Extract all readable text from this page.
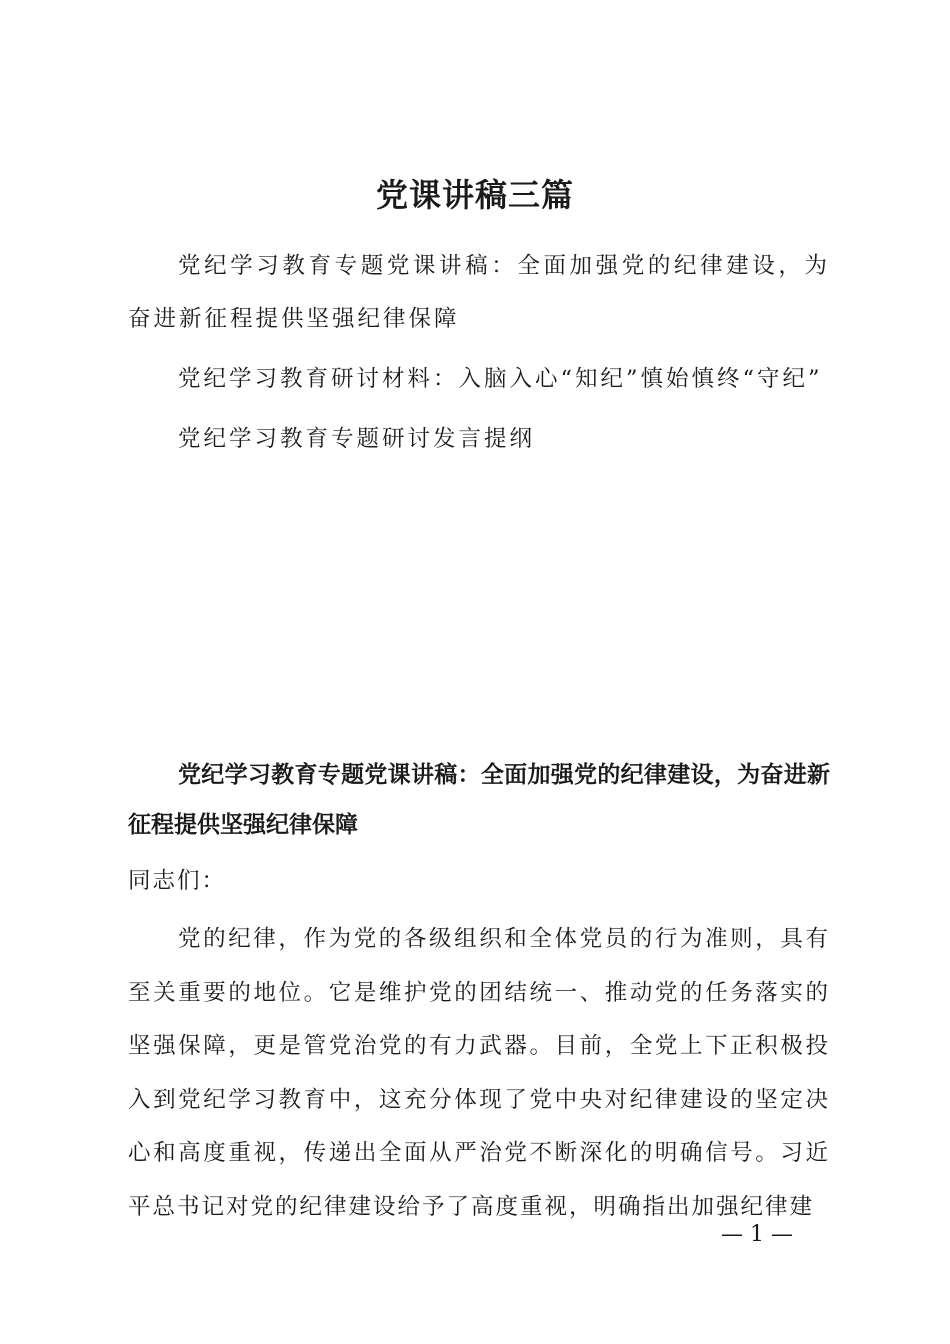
党课讲稿三篇

党纪学习教育专题党课讲稿：全面加强党的纪律建设，为奋进新征程提供坚强纪律保障

党纪学习教育研讨材料：入脑入心“知纪”慎始慎终“守纪”

党纪学习教育专题研讨发言提纲

党纪学习教育专题党课讲稿：全面加强党的纪律建设，为奋进新征程提供坚强纪律保障

同志们：

党的纪律，作为党的各级组织和全体党员的行为准则，具有至关重要的地位。它是维护党的团结统一、推动党的任务落实的坚强保障，更是管党治党的有力武器。目前，全党上下正积极投入到党纪学习教育中，这充分体现了党中央对纪律建设的坚定决心和高度重视，传递出全面从严治党不断深化的明确信号。习近平总书记对党的纪律建设给予了高度重视，明确指出加强纪律建

— 1 —
